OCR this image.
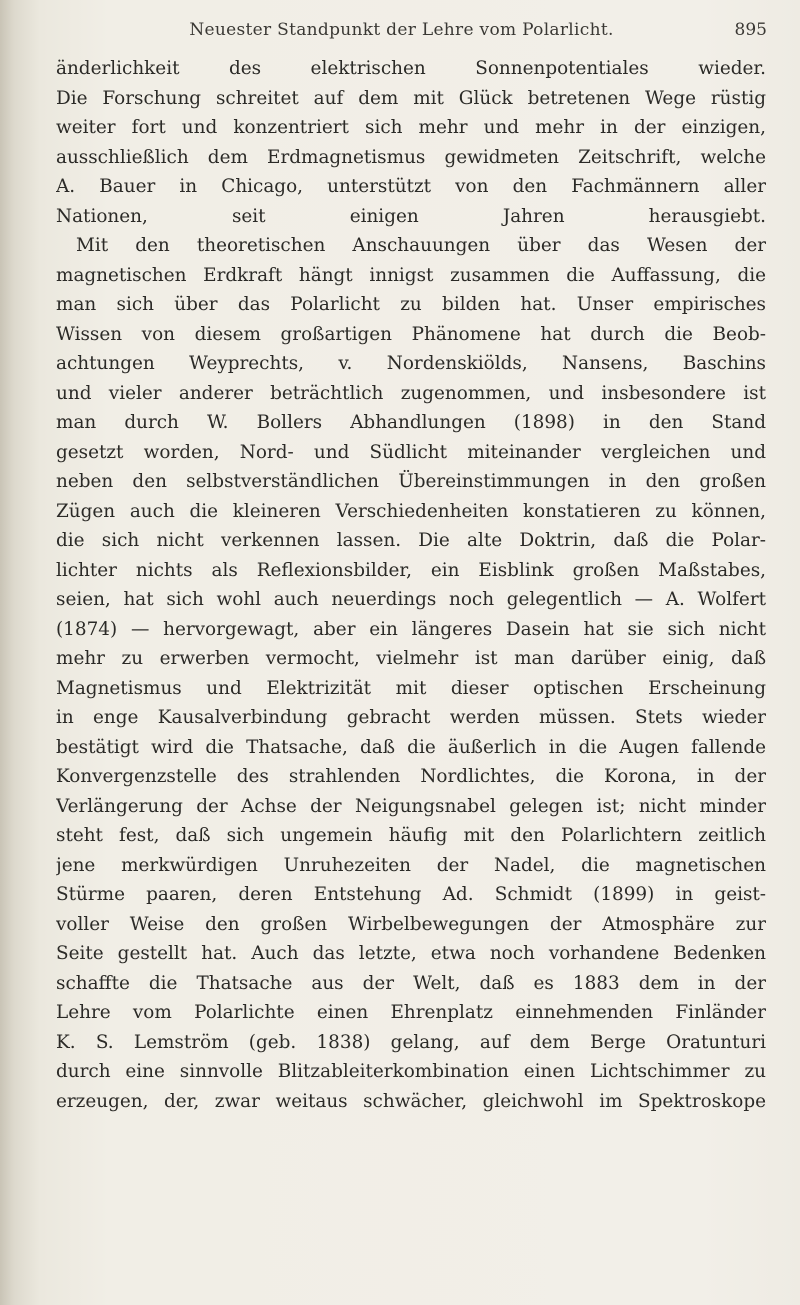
Neuester Standpunkt der Lehre vom Polarlicht.	895
änderlichkeit des elektrischen Sonnenpotentiales wieder.
Die Forschung schreitet auf dem mit Glück betretenen Wege rüstig
weiter fort und konzentriert sich mehr und mehr in der einzigen,
ausschließlich dem Erdmagnetismus gewidmeten Zeitschrift, welche
A. Bauer in Chicago, unterstützt von den Fachmännern aller
Nationen, seit einigen Jahren herausgiebt.
Mit den theoretischen Anschauungen über das Wesen der
magnetischen Erdkraft hängt innigst zusammen die Auffassung, die
man sich über das Polarlicht zu bilden hat. Unser empirisches
Wissen von diesem großartigen Phänomene hat durch die Beob-
achtungen Weyprechts, v. Nordenskiölds, Nansens, Baschins
und vieler anderer beträchtlich zugenommen, und insbesondere ist
man durch W. Bollers Abhandlungen (1898) in den Stand
gesetzt worden, Nord- und Südlicht miteinander vergleichen und
neben den selbstverständlichen Übereinstimmungen in den großen
Zügen auch die kleineren Verschiedenheiten konstatieren zu können,
die sich nicht verkennen lassen. Die alte Doktrin, daß die Polar-
lichter nichts als Reflexionsbilder, ein Eisblink großen Maßstabes,
seien, hat sich wohl auch neuerdings noch gelegentlich — A. Wolfert
(1874) — hervorgewagt, aber ein längeres Dasein hat sie sich nicht
mehr zu erwerben vermocht, vielmehr ist man darüber einig, daß
Magnetismus und Elektrizität mit dieser optischen Erscheinung
in enge Kausalverbindung gebracht werden müssen. Stets wieder
bestätigt wird die Thatsache, daß die äußerlich in die Augen fallende
Konvergenzstelle des strahlenden Nordlichtes, die Korona, in der
Verlängerung der Achse der Neigungsnabel gelegen ist; nicht minder
steht fest, daß sich ungemein häufig mit den Polarlichtern zeitlich
jene merkwürdigen Unruhezeiten der Nadel, die magnetischen
Stürme paaren, deren Entstehung Ad. Schmidt (1899) in geist-
voller Weise den großen Wirbelbewegungen der Atmosphäre zur
Seite gestellt hat. Auch das letzte, etwa noch vorhandene Bedenken
schaffte die Thatsache aus der Welt, daß es 1883 dem in der
Lehre vom Polarlichte einen Ehrenplatz einnehmenden Finländer
K. S. Lemström (geb. 1838) gelang, auf dem Berge Oratunturi
durch eine sinnvolle Blitzableiterkombination einen Lichtschimmer zu
erzeugen, der, zwar weitaus schwächer, gleichwohl im Spektroskope
